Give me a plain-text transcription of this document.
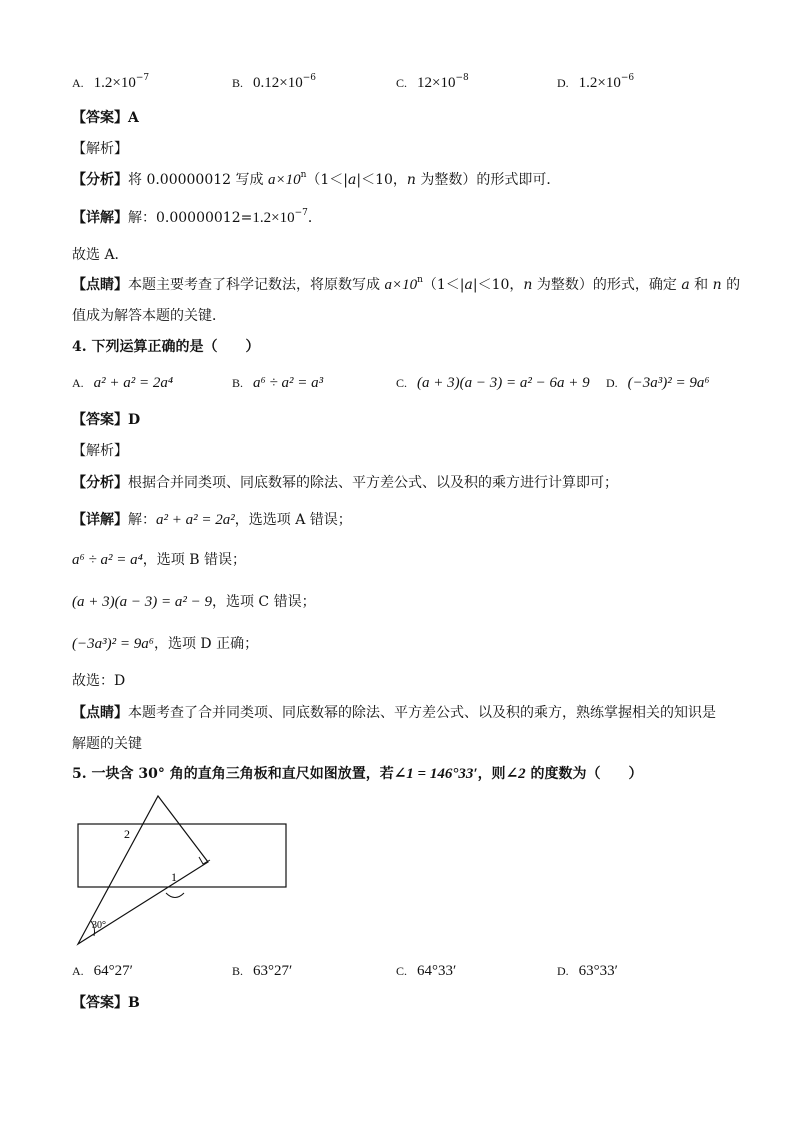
A. $1.2\times 10^{-7}$	B. $0.12\times 10^{-6}$	C. $12\times 10^{-8}$	D. $1.2\times 10^{-6}$
【答案】A
【解析】
【分析】将 0.00000012 写成 $a\times 10^n(1<|a|<10$，n 为整数）的形式即可．
【详解】解：$0.00000012=1.2\times 10^{-7}$．
故选 A．
【点睛】本题主要考查了科学记数法，将原数写成 $a\times 10^n(1<|a|<10$，n 为整数）的形式，确定 a 和 n 的
值成为解答本题的关键．
4. 下列运算正确的是（　　）
A. a² + a² = 2a⁴	B. a⁶ ÷ a² = a³	C. (a + 3)(a − 3) = a² − 6a + 9 D. (−3a³)² = 9a⁶
【答案】D
【解析】
【分析】根据合并同类项、同底数幂的除法、平方差公式、以及积的乘方进行计算即可；
【详解】解：a² + a² = 2a²，选选项 A 错误；
a⁶ ÷ a² = a⁴，选项 B 错误；
(a + 3)(a − 3) = a² − 9，选项 C 错误；
(−3a³)² = 9a⁶，选项 D 正确；
故选：D
【点睛】本题考查了合并同类项、同底数幂的除法、平方差公式、以及积的乘方，熟练掌握相关的知识是
解题的关键
5. 一块含 30° 角的直角三角板和直尺如图放置，若∠1 = 146°33′，则∠2 的度数为（　　）
30°
1
2
A. 64°27′	B. 63°27′	C. 64°33′	D. 63°33′
【答案】B
